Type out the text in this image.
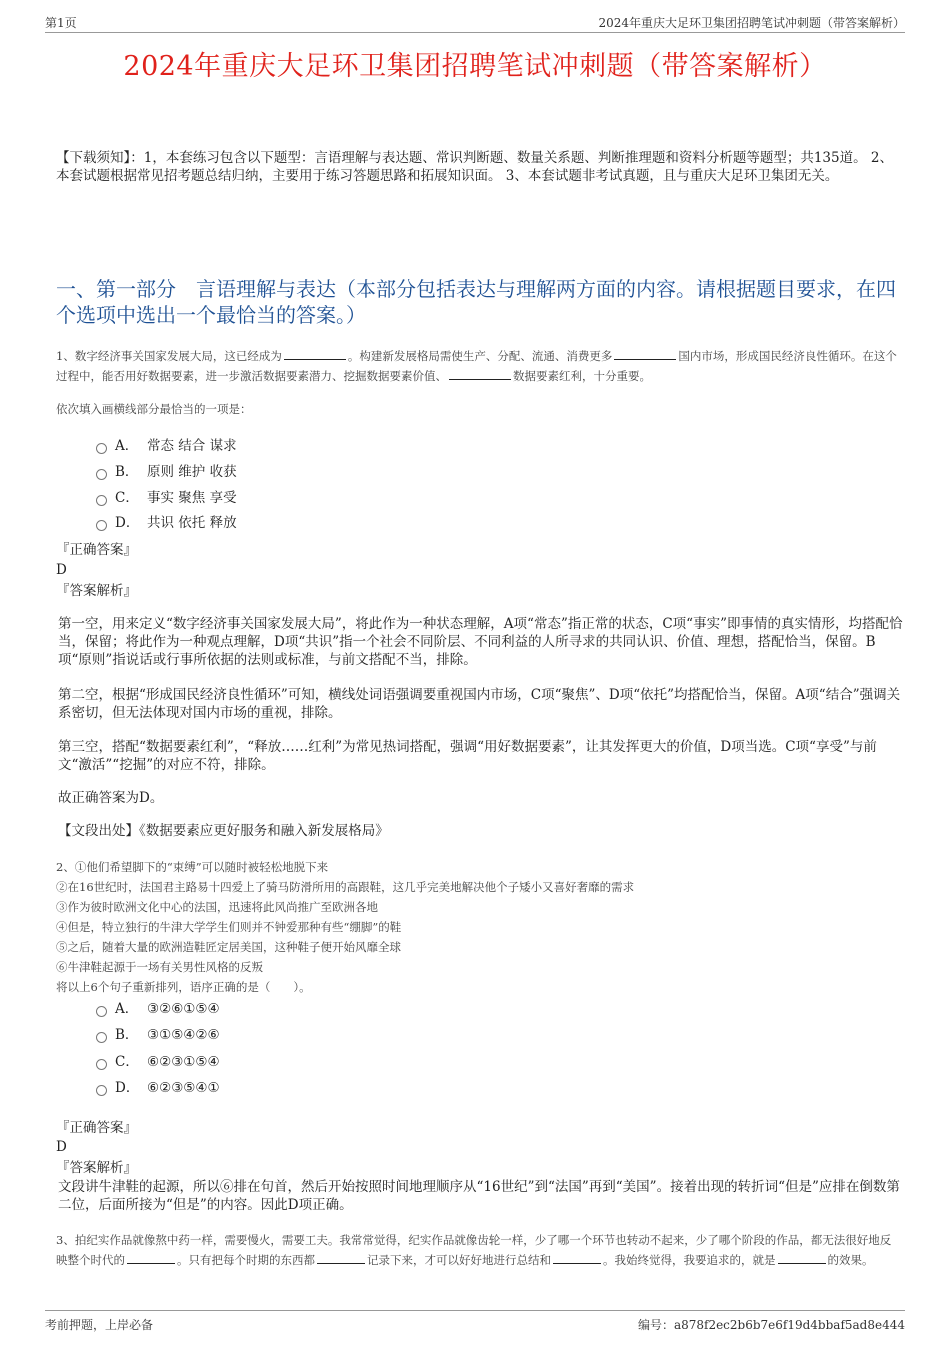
第1页	2024年重庆大足环卫集团招聘笔试冲刺题（带答案解析）
2024年重庆大足环卫集团招聘笔试冲刺题（带答案解析）
【下载须知】：1，本套练习包含以下题型：言语理解与表达题、常识判断题、数量关系题、判断推理题和资料分析题等题型；共135道。 2、本套试题根据常见招考题总结归纳，主要用于练习答题思路和拓展知识面。 3、本套试题非考试真题，且与重庆大足环卫集团无关。
一、第一部分　言语理解与表达（本部分包括表达与理解两方面的内容。请根据题目要求，在四个选项中选出一个最恰当的答案。）
1、数字经济事关国家发展大局，这已经成为	。构建新发展格局需使生产、分配、流通、消费更多	国内市场，形成国民经济良性循环。在这个过程中，能否用好数据要素，进一步激活数据要素潜力、挖掘数据要素价值、	数据要素红利，十分重要。
依次填入画横线部分最恰当的一项是：
A． 常态 结合 谋求
B． 原则 维护 收获
C． 事实 聚焦 享受
D． 共识 依托 释放
『正确答案』
D
『答案解析』
第一空，用来定义“数字经济事关国家发展大局”，将此作为一种状态理解，A项“常态”指正常的状态，C项“事实”即事情的真实情形，均搭配恰当，保留；将此作为一种观点理解，D项“共识”指一个社会不同阶层、不同利益的人所寻求的共同认识、价值、理想，搭配恰当，保留。B项“原则”指说话或行事所依据的法则或标准，与前文搭配不当，排除。
第二空，根据“形成国民经济良性循环”可知，横线处词语强调要重视国内市场，C项“聚焦”、D项“依托”均搭配恰当，保留。A项“结合”强调关系密切，但无法体现对国内市场的重视，排除。
第三空，搭配“数据要素红利”，“释放……红利”为常见热词搭配，强调“用好数据要素”，让其发挥更大的价值，D项当选。C项“享受”与前文“激活”“挖掘”的对应不符，排除。
故正确答案为D。
【文段出处】《数据要素应更好服务和融入新发展格局》
2、①他们希望脚下的“束缚”可以随时被轻松地脱下来
②在16世纪时，法国君主路易十四爱上了骑马防滑所用的高跟鞋，这几乎完美地解决他个子矮小又喜好奢靡的需求
③作为彼时欧洲文化中心的法国，迅速将此风尚推广至欧洲各地
④但是，特立独行的牛津大学学生们则并不钟爱那种有些“绷脚”的鞋
⑤之后，随着大量的欧洲造鞋匠定居美国，这种鞋子便开始风靡全球
⑥牛津鞋起源于一场有关男性风格的反叛
将以上6个句子重新排列，语序正确的是（　　）。
A． ③②⑥①⑤④
B． ③①⑤④②⑥
C． ⑥②③①⑤④
D． ⑥②③⑤④①
『正确答案』
D
『答案解析』
文段讲牛津鞋的起源，所以⑥排在句首，然后开始按照时间地理顺序从“16世纪”到“法国”再到“美国”。接着出现的转折词“但是”应排在倒数第二位，后面所接为“但是”的内容。因此D项正确。
3、拍纪实作品就像熬中药一样，需要慢火，需要工夫。我常常觉得，纪实作品就像齿轮一样，少了哪一个环节也转动不起来，少了哪个阶段的作品，都无法很好地反映整个时代的	。只有把每个时期的东西都	记录下来，才可以好好地进行总结和	。我始终觉得，我要追求的，就是	的效果。
考前押题，上岸必备	编号：a878f2ec2b6b7e6f19d4bbaf5ad8e444
